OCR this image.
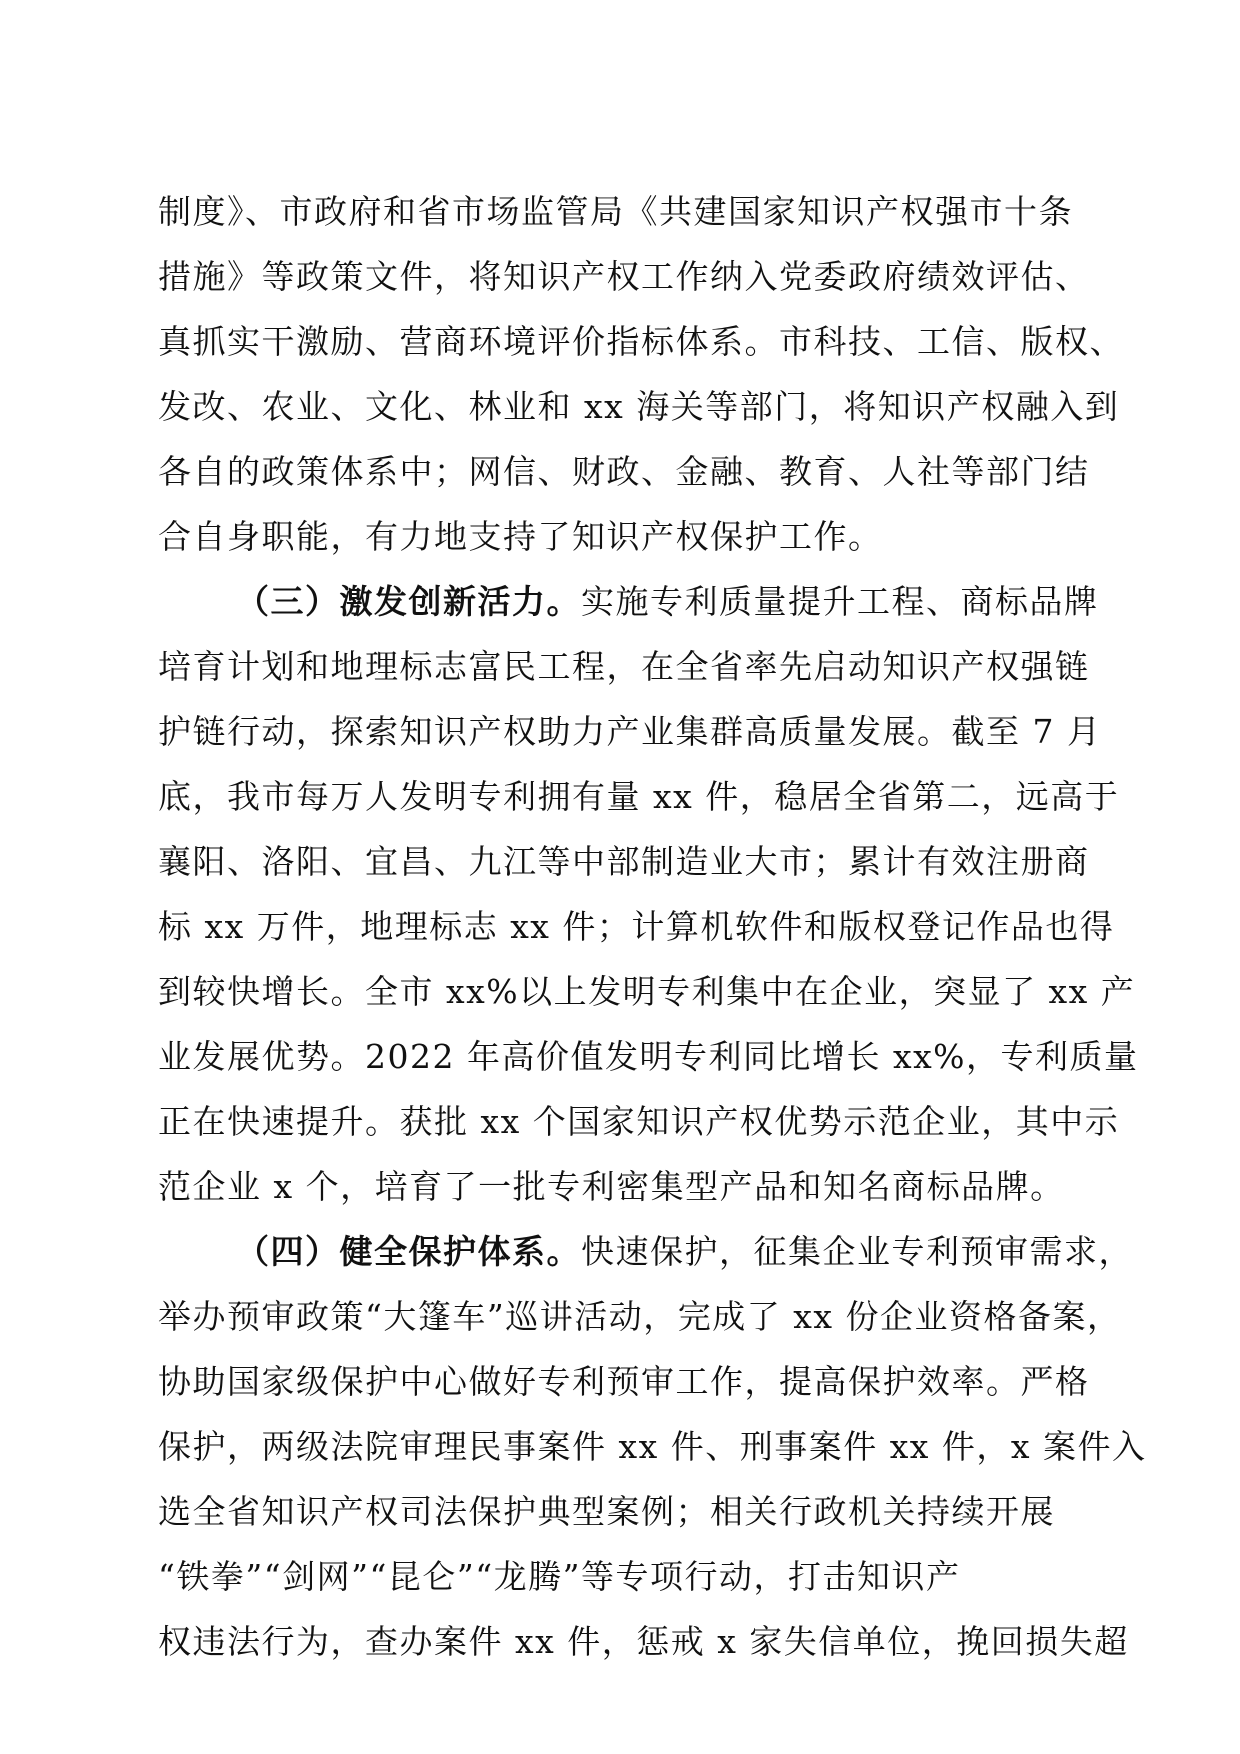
制度》、市政府和省市场监管局《共建国家知识产权强市十条
措施》等政策文件，将知识产权工作纳入党委政府绩效评估、
真抓实干激励、营商环境评价指标体系。市科技、工信、版权、
发改、农业、文化、林业和 xx 海关等部门，将知识产权融入到
各自的政策体系中；网信、财政、金融、教育、人社等部门结
合自身职能，有力地支持了知识产权保护工作。
（三）激发创新活力。实施专利质量提升工程、商标品牌
培育计划和地理标志富民工程，在全省率先启动知识产权强链
护链行动，探索知识产权助力产业集群高质量发展。截至 7 月
底，我市每万人发明专利拥有量 xx 件，稳居全省第二，远高于
襄阳、洛阳、宜昌、九江等中部制造业大市；累计有效注册商
标 xx 万件，地理标志 xx 件；计算机软件和版权登记作品也得
到较快增长。全市 xx%以上发明专利集中在企业，突显了 xx 产
业发展优势。2022 年高价值发明专利同比增长 xx%，专利质量
正在快速提升。获批 xx 个国家知识产权优势示范企业，其中示
范企业 x 个，培育了一批专利密集型产品和知名商标品牌。
（四）健全保护体系。快速保护，征集企业专利预审需求，
举办预审政策“大篷车”巡讲活动，完成了 xx 份企业资格备案，
协助国家级保护中心做好专利预审工作，提高保护效率。严格
保护，两级法院审理民事案件 xx 件、刑事案件 xx 件，x 案件入
选全省知识产权司法保护典型案例；相关行政机关持续开展
“铁拳”“剑网”“昆仑”“龙腾”等专项行动，打击知识产
权违法行为，查办案件 xx 件，惩戒 x 家失信单位，挽回损失超
